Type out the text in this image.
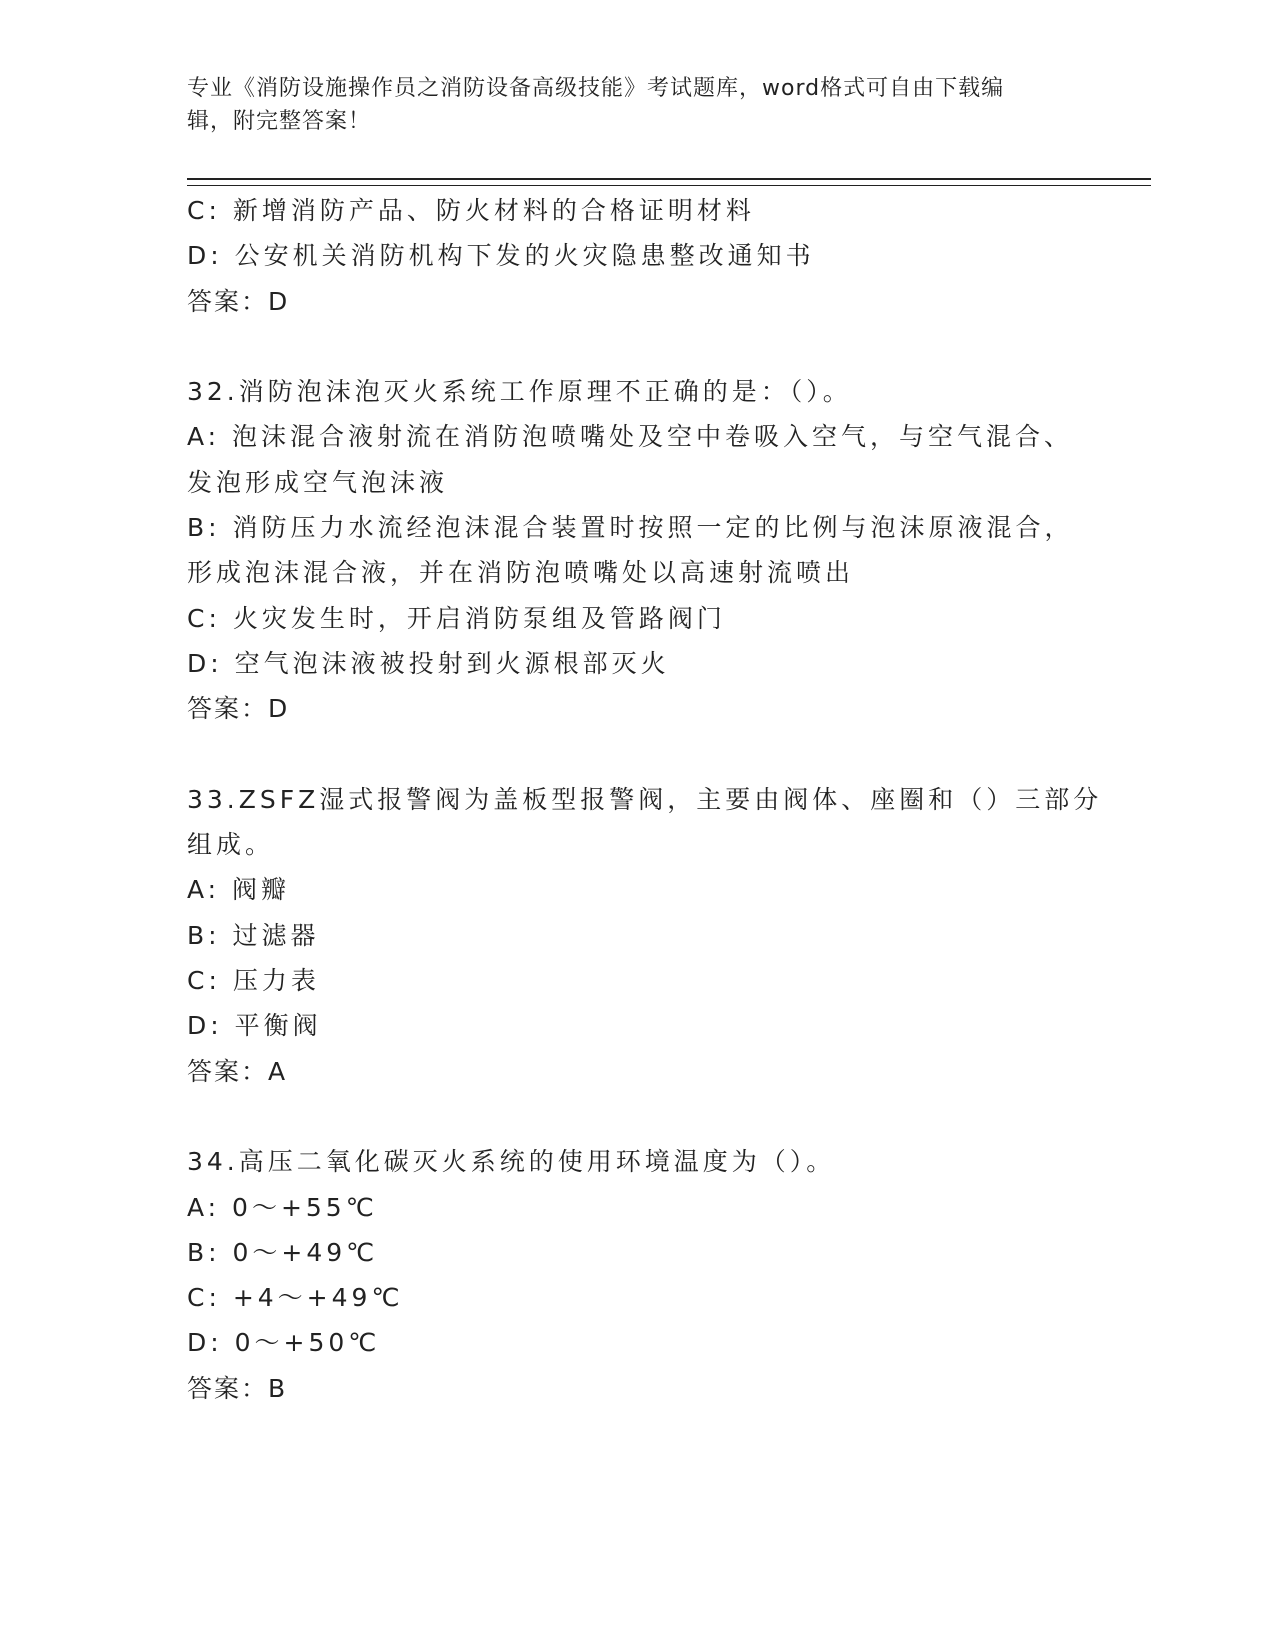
专业《消防设施操作员之消防设备高级技能》考试题库，word格式可自由下载编
辑，附完整答案！
C: 新增消防产品、防火材料的合格证明材料
D: 公安机关消防机构下发的火灾隐患整改通知书
答案：D
32.消防泡沫泡灭火系统工作原理不正确的是：（）。
A: 泡沫混合液射流在消防泡喷嘴处及空中卷吸入空气，与空气混合、
发泡形成空气泡沫液
B: 消防压力水流经泡沫混合装置时按照一定的比例与泡沫原液混合，
形成泡沫混合液，并在消防泡喷嘴处以高速射流喷出
C: 火灾发生时，开启消防泵组及管路阀门
D: 空气泡沫液被投射到火源根部灭火
答案：D
33.ZSFZ湿式报警阀为盖板型报警阀，主要由阀体、座圈和（）三部分
组成。
A: 阀瓣
B: 过滤器
C: 压力表
D: 平衡阀
答案：A
34.高压二氧化碳灭火系统的使用环境温度为（）。
A: 0～+55℃
B: 0～+49℃
C: +4～+49℃
D: 0～+50℃
答案：B
